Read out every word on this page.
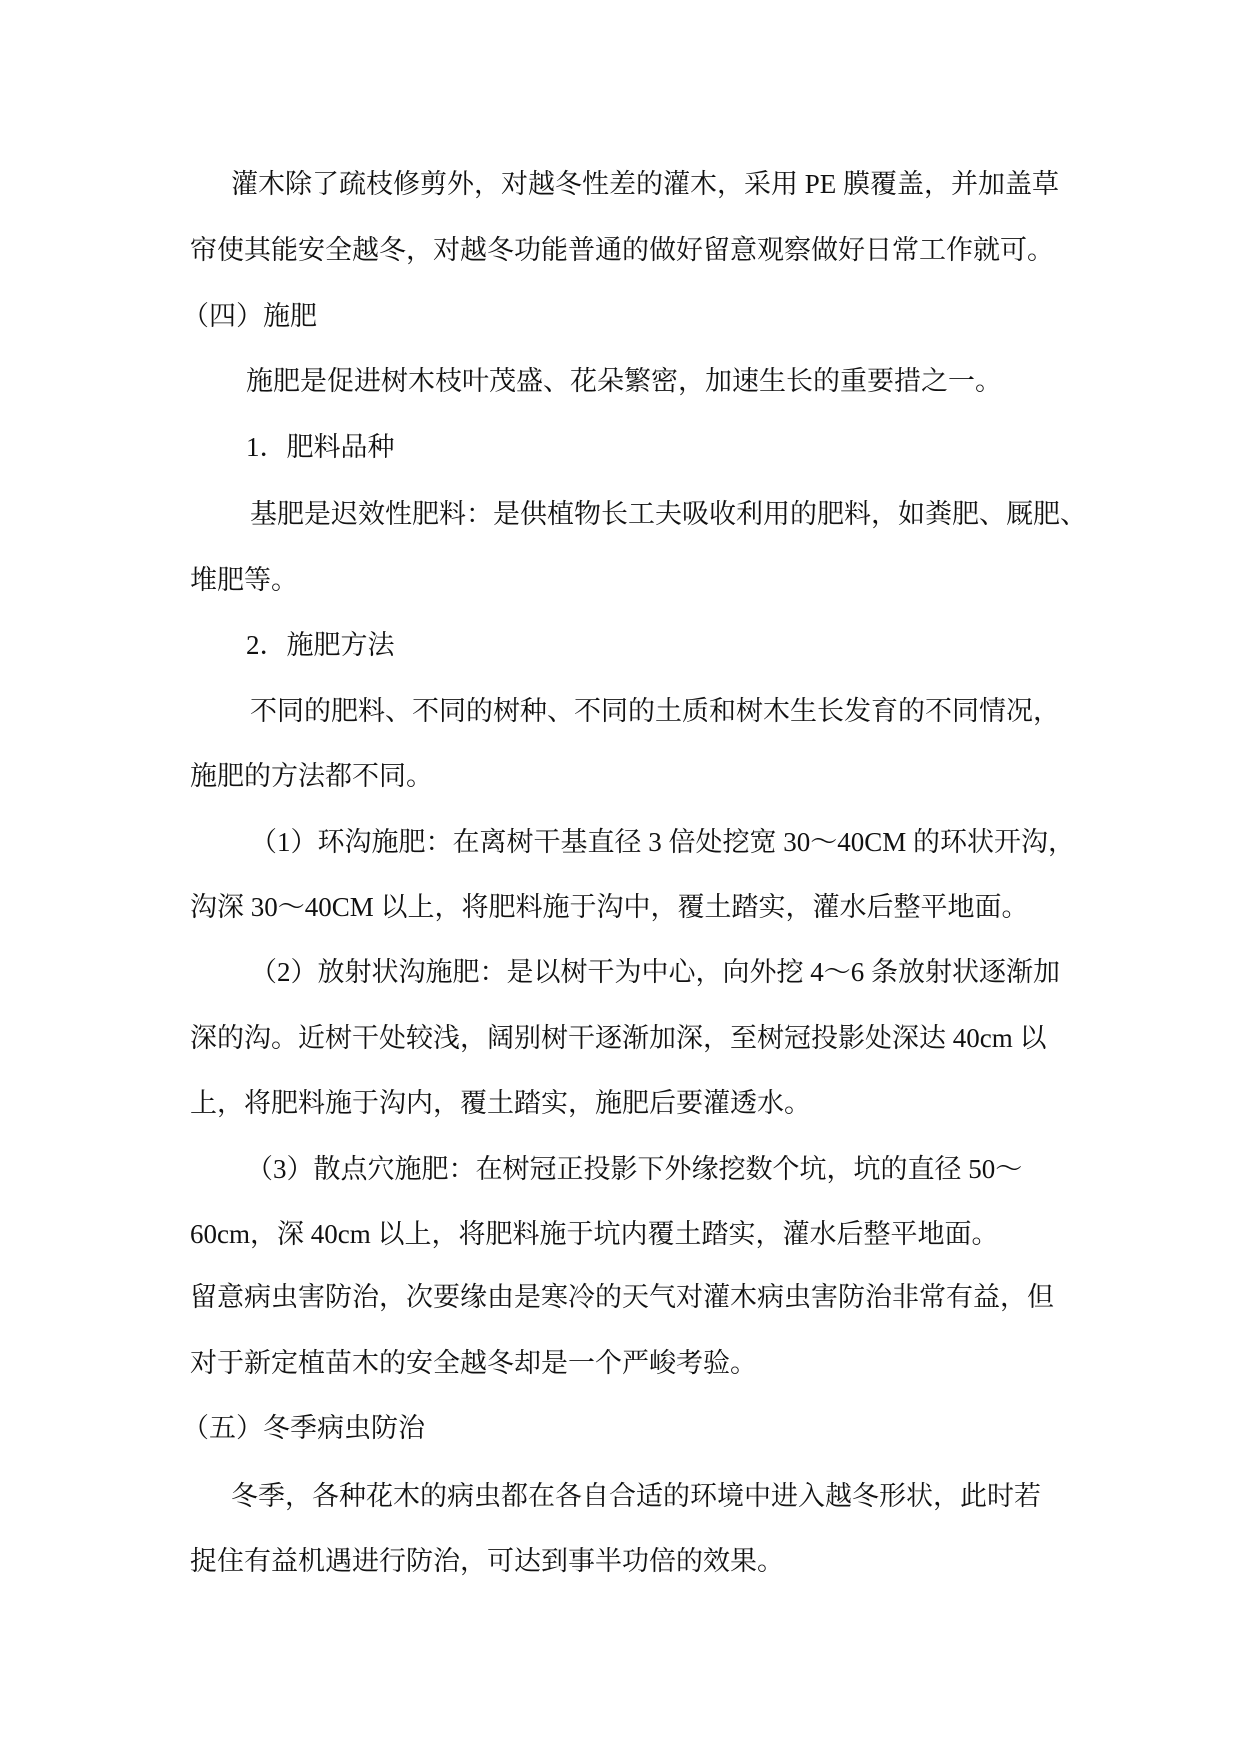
灌木除了疏枝修剪外，对越冬性差的灌木，采用 PE 膜覆盖，并加盖草
帘使其能安全越冬，对越冬功能普通的做好留意观察做好日常工作就可。
（四）施肥
施肥是促进树木枝叶茂盛、花朵繁密，加速生长的重要措之一。
1．肥料品种
基肥是迟效性肥料：是供植物长工夫吸收利用的肥料，如粪肥、厩肥、
堆肥等。
2．施肥方法
不同的肥料、不同的树种、不同的土质和树木生长发育的不同情况，
施肥的方法都不同。
（1）环沟施肥：在离树干基直径 3 倍处挖宽 30～40CM 的环状开沟，
沟深 30～40CM 以上，将肥料施于沟中，覆土踏实，灌水后整平地面。
（2）放射状沟施肥：是以树干为中心，向外挖 4～6 条放射状逐渐加
深的沟。近树干处较浅，阔别树干逐渐加深，至树冠投影处深达 40cm 以
上，将肥料施于沟内，覆土踏实，施肥后要灌透水。
（3）散点穴施肥：在树冠正投影下外缘挖数个坑，坑的直径 50～
60cm，深 40cm 以上，将肥料施于坑内覆土踏实，灌水后整平地面。
留意病虫害防治，次要缘由是寒冷的天气对灌木病虫害防治非常有益，但
对于新定植苗木的安全越冬却是一个严峻考验。
（五）冬季病虫防治
冬季，各种花木的病虫都在各自合适的环境中进入越冬形状，此时若
捉住有益机遇进行防治，可达到事半功倍的效果。
